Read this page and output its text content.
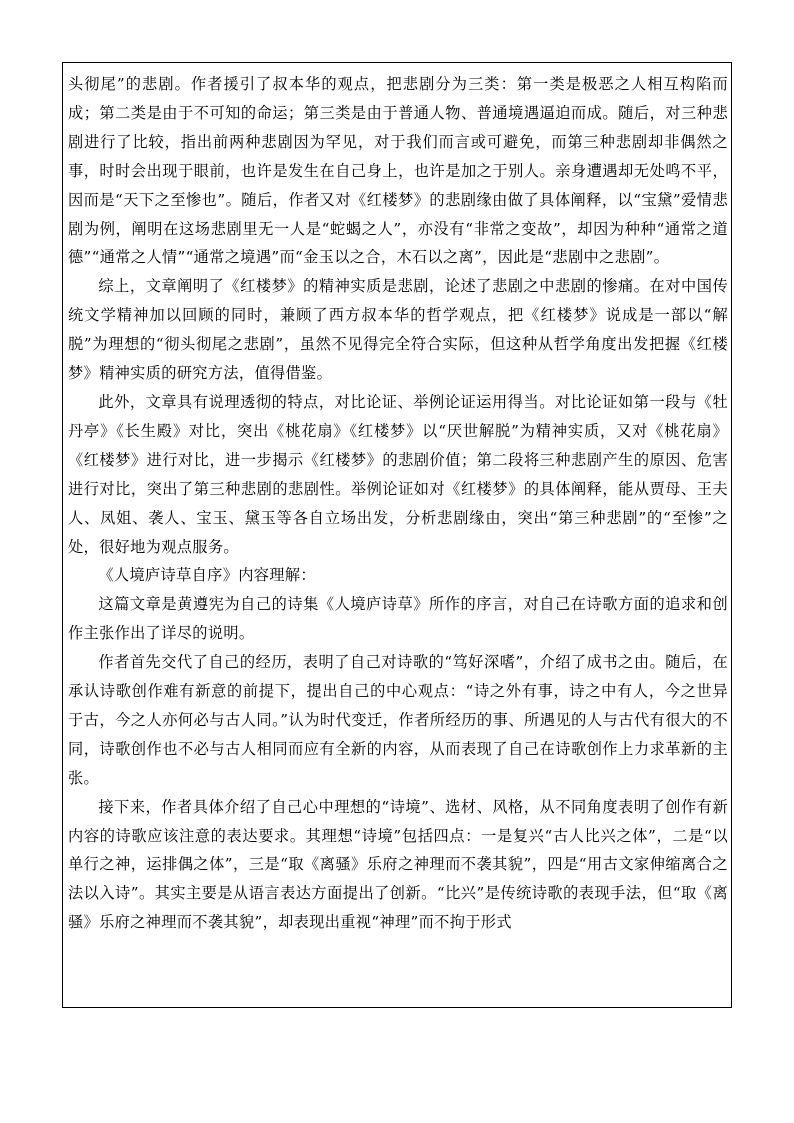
头彻尾”的悲剧。作者援引了叔本华的观点，把悲剧分为三类：第一类是极恶之人相互构陷而成；第二类是由于不可知的命运；第三类是由于普通人物、普通境遇逼迫而成。随后，对三种悲剧进行了比较，指出前两种悲剧因为罕见，对于我们而言或可避免，而第三种悲剧却非偶然之事，时时会出现于眼前，也许是发生在自己身上，也许是加之于别人。亲身遭遇却无处鸣不平，因而是“天下之至惨也”。随后，作者又对《红楼梦》的悲剧缘由做了具体阐释，以“宝黛”爱情悲剧为例，阐明在这场悲剧里无一人是“蛇蝎之人”，亦没有“非常之变故”，却因为种种“通常之道德”“通常之人情”“通常之境遇”而“金玉以之合，木石以之离”，因此是“悲剧中之悲剧”。

综上，文章阐明了《红楼梦》的精神实质是悲剧，论述了悲剧之中悲剧的惨痛。在对中国传统文学精神加以回顾的同时，兼顾了西方叔本华的哲学观点，把《红楼梦》说成是一部以“解脱”为理想的“彻头彻尾之悲剧”，虽然不见得完全符合实际，但这种从哲学角度出发把握《红楼梦》精神实质的研究方法，值得借鉴。

此外，文章具有说理透彻的特点，对比论证、举例论证运用得当。对比论证如第一段与《牡丹亭》《长生殿》对比，突出《桃花扇》《红楼梦》以“厌世解脱”为精神实质，又对《桃花扇》《红楼梦》进行对比，进一步揭示《红楼梦》的悲剧价值；第二段将三种悲剧产生的原因、危害进行对比，突出了第三种悲剧的悲剧性。举例论证如对《红楼梦》的具体阐释，能从贾母、王夫人、凤姐、袭人、宝玉、黛玉等各自立场出发，分析悲剧缘由，突出“第三种悲剧”的“至惨”之处，很好地为观点服务。

《人境庐诗草自序》内容理解：

这篇文章是黄遵宪为自己的诗集《人境庐诗草》所作的序言，对自己在诗歌方面的追求和创作主张作出了详尽的说明。

作者首先交代了自己的经历，表明了自己对诗歌的“笃好深嗜”，介绍了成书之由。随后，在承认诗歌创作难有新意的前提下，提出自己的中心观点：“诗之外有事，诗之中有人，今之世异于古，今之人亦何必与古人同。”认为时代变迁，作者所经历的事、所遇见的人与古代有很大的不同，诗歌创作也不必与古人相同而应有全新的内容，从而表现了自己在诗歌创作上力求革新的主张。

接下来，作者具体介绍了自己心中理想的“诗境”、选材、风格，从不同角度表明了创作有新内容的诗歌应该注意的表达要求。其理想“诗境”包括四点：一是复兴“古人比兴之体”，二是“以单行之神，运排偶之体”，三是“取《离骚》乐府之神理而不袭其貌”，四是“用古文家伸缩离合之法以入诗”。其实主要是从语言表达方面提出了创新。“比兴”是传统诗歌的表现手法，但“取《离骚》乐府之神理而不袭其貌”，却表现出重视“神理”而不拘于形式
